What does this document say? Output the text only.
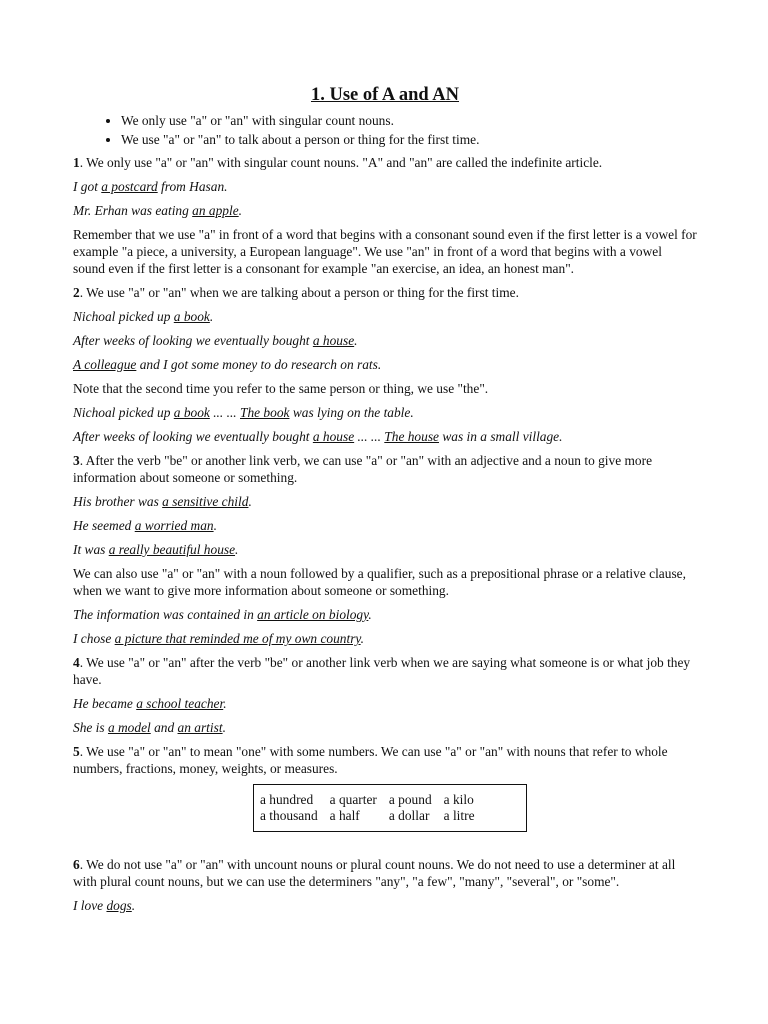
1. Use of A and AN
• We only use "a" or "an" with singular count nouns.
• We use "a" or "an" to talk about a person or thing for the first time.

1. We only use "a" or "an" with singular count nouns. "A" and "an" are called the indefinite article.

I got a postcard from Hasan.

Mr. Erhan was eating an apple.

Remember that we use "a" in front of a word that begins with a consonant sound even if the first letter is a vowel for example "a piece, a university, a European language". We use "an" in front of a word that begins with a vowel sound even if the first letter is a consonant for example "an exercise, an idea, an honest man".

2. We use "a" or "an" when we are talking about a person or thing for the first time.

Nichoal picked up a book.

After weeks of looking we eventually bought a house.

A colleague and I got some money to do research on rats.

Note that the second time you refer to the same person or thing, we use "the".

Nichoal picked up a book ... ... The book was lying on the table.

After weeks of looking we eventually bought a house ... ... The house was in a small village.

3. After the verb "be" or another link verb, we can use "a" or "an" with an adjective and a noun to give more information about someone or something.

His brother was a sensitive child.

He seemed a worried man.

It was a really beautiful house.

We can also use "a" or "an" with a noun followed by a qualifier, such as a prepositional phrase or a relative clause, when we want to give more information about someone or something.

The information was contained in an article on biology.

I chose a picture that reminded me of my own country.

4. We use "a" or "an" after the verb "be" or another link verb when we are saying what someone is or what job they have.

He became a school teacher.

She is a model and an artist.

5. We use "a" or "an" to mean "one" with some numbers. We can use "a" or "an" with nouns that refer to whole numbers, fractions, money, weights, or measures.

a hundred	a quarter	a pound	a kilo
a thousand	a half	a dollar	a litre

6. We do not use "a" or "an" with uncount nouns or plural count nouns. We do not need to use a determiner at all with plural count nouns, but we can use the determiners "any", "a few", "many", "several", or "some".

I love dogs.
